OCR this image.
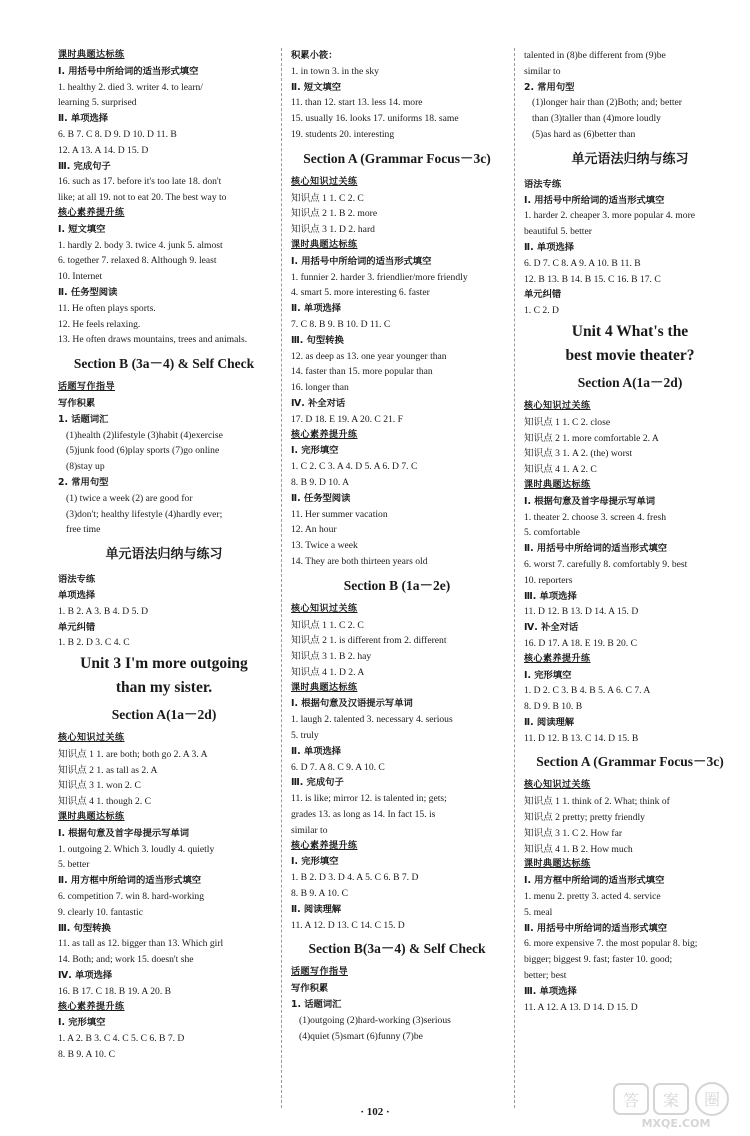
课时典题达标练
Ⅰ. 用括号中所给词的适当形式填空
1. healthy 2. died 3. writer 4. to learn/
learning 5. surprised
Ⅱ. 单项选择
6. B 7. C 8. D 9. D 10. D 11. B
12. A 13. A 14. D 15. D
Ⅲ. 完成句子
16. such as 17. before it's too late 18. don't
like; at all 19. not to eat 20. The best way to
核心素养提升练
Ⅰ. 短文填空
1. hardly 2. body 3. twice 4. junk 5. almost
6. together 7. relaxed 8. Although 9. least
10. Internet
Ⅱ. 任务型阅读
11. He often plays sports.
12. He feels relaxing.
13. He often draws mountains, trees and animals.
Section B (3a－4) & Self Check
话题写作指导
写作积累
1. 话题词汇
(1)health (2)lifestyle (3)habit (4)exercise
(5)junk food (6)play sports (7)go online
(8)stay up
2. 常用句型
(1) twice a week (2) are good for
(3)don't; healthy lifestyle (4)hardly ever;
free time
单元语法归纳与练习
语法专练
单项选择
1. B 2. A 3. B 4. D 5. D
单元纠错
1. B 2. D 3. C 4. C
Unit 3 I'm more outgoing
than my sister.
Section A(1a－2d)
核心知识过关练
知识点 1 1. are both; both go 2. A 3. A
知识点 2 1. as tall as 2. A
知识点 3 1. won 2. C
知识点 4 1. though 2. C
课时典题达标练
Ⅰ. 根据句意及首字母提示写单词
1. outgoing 2. Which 3. loudly 4. quietly
5. better
Ⅱ. 用方框中所给词的适当形式填空
6. competition 7. win 8. hard-working
9. clearly 10. fantastic
Ⅲ. 句型转换
11. as tall as 12. bigger than 13. Which girl
14. Both; and; work 15. doesn't she
Ⅳ. 单项选择
16. B 17. C 18. B 19. A 20. B
核心素养提升练
Ⅰ. 完形填空
1. A 2. B 3. C 4. C 5. C 6. B 7. D
8. B 9. A 10. C
积累小筱：
1. in town 3. in the sky
Ⅱ. 短文填空
11. than 12. start 13. less 14. more
15. usually 16. looks 17. uniforms 18. same
19. students 20. interesting
Section A (Grammar Focus－3c)
核心知识过关练
知识点 1 1. C 2. C
知识点 2 1. B 2. more
知识点 3 1. D 2. hard
课时典题达标练
Ⅰ. 用括号中所给词的适当形式填空
1. funnier 2. harder 3. friendlier/more friendly
4. smart 5. more interesting 6. faster
Ⅱ. 单项选择
7. C 8. B 9. B 10. D 11. C
Ⅲ. 句型转换
12. as deep as 13. one year younger than
14. faster than 15. more popular than
16. longer than
Ⅳ. 补全对话
17. D 18. E 19. A 20. C 21. F
核心素养提升练
Ⅰ. 完形填空
1. C 2. C 3. A 4. D 5. A 6. D 7. C
8. B 9. D 10. A
Ⅱ. 任务型阅读
11. Her summer vacation
12. An hour
13. Twice a week
14. They are both thirteen years old
Section B (1a－2e)
核心知识过关练
知识点 1 1. C 2. C
知识点 2 1. is different from 2. different
知识点 3 1. B 2. hay
知识点 4 1. D 2. A
课时典题达标练
Ⅰ. 根据句意及汉语提示写单词
1. laugh 2. talented 3. necessary 4. serious
5. truly
Ⅱ. 单项选择
6. D 7. A 8. C 9. A 10. C
Ⅲ. 完成句子
11. is like; mirror 12. is talented in; gets;
grades 13. as long as 14. In fact 15. is
similar to
核心素养提升练
Ⅰ. 完形填空
1. B 2. D 3. D 4. A 5. C 6. B 7. D
8. B 9. A 10. C
Ⅱ. 阅读理解
11. A 12. D 13. C 14. C 15. D
Section B(3a－4) & Self Check
话题写作指导
写作积累
1. 话题词汇
(1)outgoing (2)hard-working (3)serious
(4)quiet (5)smart (6)funny (7)be
talented in (8)be different from (9)be
similar to
2. 常用句型
(1)longer hair than (2)Both; and; better
than (3)taller than (4)more loudly
(5)as hard as (6)better than
单元语法归纳与练习
语法专练
Ⅰ. 用括号中所给词的适当形式填空
1. harder 2. cheaper 3. more popular 4. more
beautiful 5. better
Ⅱ. 单项选择
6. D 7. C 8. A 9. A 10. B 11. B
12. B 13. B 14. B 15. C 16. B 17. C
单元纠错
1. C 2. D
Unit 4 What's the
best movie theater?
Section A(1a－2d)
核心知识过关练
知识点 1 1. C 2. close
知识点 2 1. more comfortable 2. A
知识点 3 1. A 2. (the) worst
知识点 4 1. A 2. C
课时典题达标练
Ⅰ. 根据句意及首字母提示写单词
1. theater 2. choose 3. screen 4. fresh
5. comfortable
Ⅱ. 用括号中所给词的适当形式填空
6. worst 7. carefully 8. comfortably 9. best
10. reporters
Ⅲ. 单项选择
11. D 12. B 13. D 14. A 15. D
Ⅳ. 补全对话
16. D 17. A 18. E 19. B 20. C
核心素养提升练
Ⅰ. 完形填空
1. D 2. C 3. B 4. B 5. A 6. C 7. A
8. D 9. B 10. B
Ⅱ. 阅读理解
11. D 12. B 13. C 14. D 15. B
Section A (Grammar Focus－3c)
核心知识过关练
知识点 1 1. think of 2. What; think of
知识点 2 pretty; pretty friendly
知识点 3 1. C 2. How far
知识点 4 1. B 2. How much
课时典题达标练
Ⅰ. 用方框中所给词的适当形式填空
1. menu 2. pretty 3. acted 4. service
5. meal
Ⅱ. 用括号中所给词的适当形式填空
6. more expensive 7. the most popular 8. big;
bigger; biggest 9. fast; faster 10. good;
better; best
Ⅲ. 单项选择
11. A 12. A 13. D 14. D 15. D
· 102 ·
答 案 圈
MXQE.COM
